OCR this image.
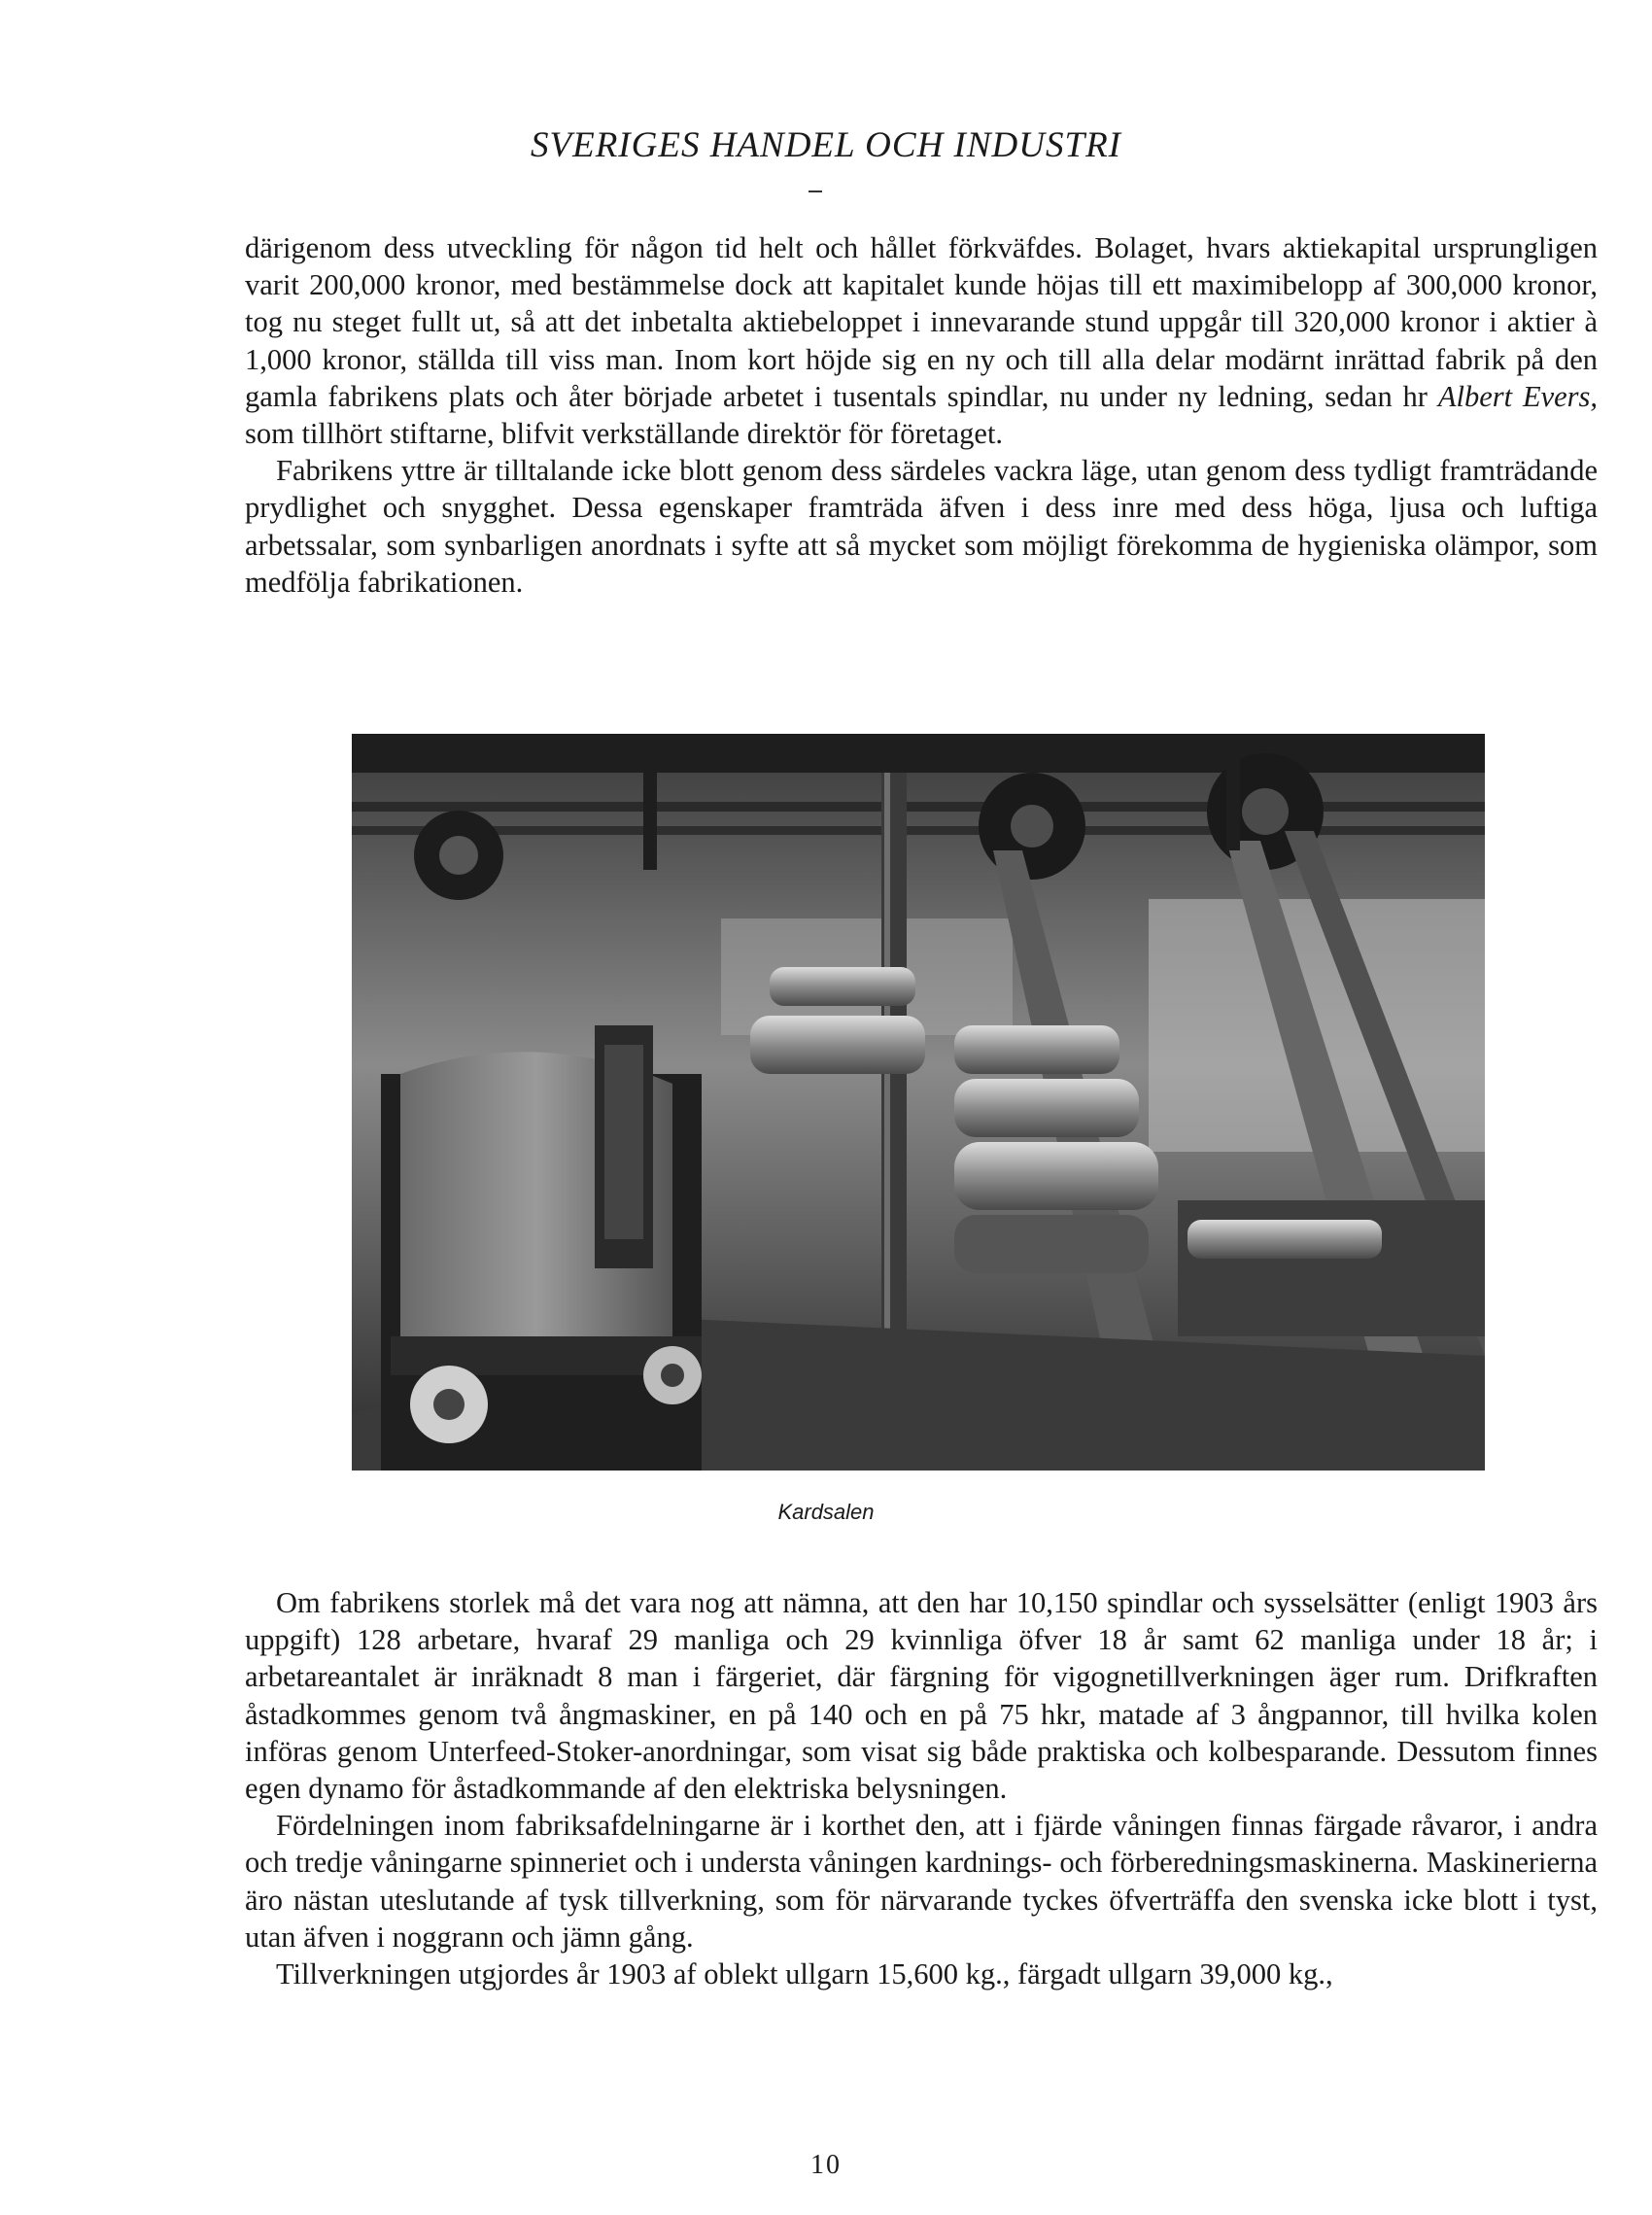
SVERIGES HANDEL OCH INDUSTRI

därigenom dess utveckling för någon tid helt och hållet förkväfdes. Bolaget, hvars aktiekapital ursprungligen varit 200,000 kronor, med bestämmelse dock att kapitalet kunde höjas till ett maximibelopp af 300,000 kronor, tog nu steget fullt ut, så att det inbetalta aktiebeloppet i innevarande stund uppgår till 320,000 kronor i aktier à 1,000 kronor, ställda till viss man. Inom kort höjde sig en ny och till alla delar modärnt inrättad fabrik på den gamla fabrikens plats och åter började arbetet i tusentals spindlar, nu under ny ledning, sedan hr Albert Evers, som tillhört stiftarne, blifvit verkställande direktör för företaget.

Fabrikens yttre är tilltalande icke blott genom dess särdeles vackra läge, utan genom dess tydligt framträdande prydlighet och snygghet. Dessa egenskaper framträda äfven i dess inre med dess höga, ljusa och luftiga arbetssalar, som synbarligen anordnats i syfte att så mycket som möjligt förekomma de hygieniska olämpor, som medfölja fabrikationen.

Kardsalen

Om fabrikens storlek må det vara nog att nämna, att den har 10,150 spindlar och sysselsätter (enligt 1903 års uppgift) 128 arbetare, hvaraf 29 manliga och 29 kvinnliga öfver 18 år samt 62 manliga under 18 år; i arbetareantalet är inräknadt 8 man i färgeriet, där färgning för vigognetillverkningen äger rum. Drifkraften åstadkommes genom två ångmaskiner, en på 140 och en på 75 hkr, matade af 3 ångpannor, till hvilka kolen införas genom Unterfeed-Stoker-anordningar, som visat sig både praktiska och kolbesparande. Dessutom finnes egen dynamo för åstadkommande af den elektriska belysningen.

Fördelningen inom fabriksafdelningarne är i korthet den, att i fjärde våningen finnas färgade råvaror, i andra och tredje våningarne spinneriet och i understa våningen kardnings- och förberedningsmaskinerna. Maskinerierna äro nästan uteslutande af tysk tillverkning, som för närvarande tyckes öfverträffa den svenska icke blott i tyst, utan äfven i noggrann och jämn gång.

Tillverkningen utgjordes år 1903 af oblekt ullgarn 15,600 kg., färgadt ullgarn 39,000 kg.,

10
